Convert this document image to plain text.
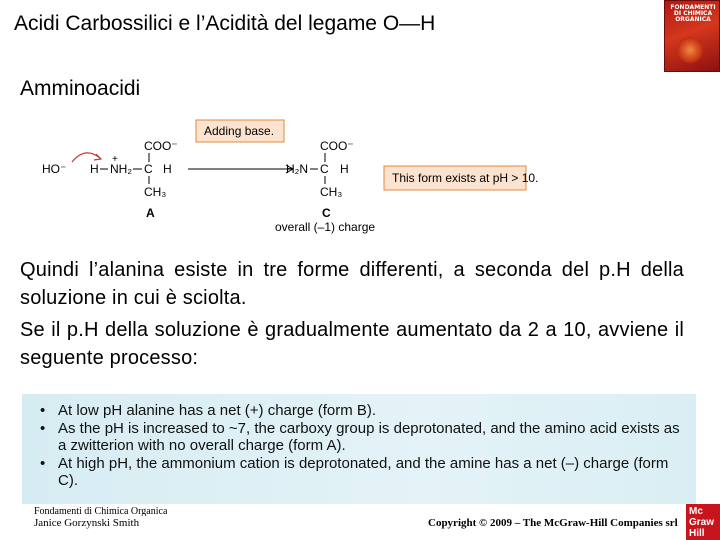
Acidi Carbossilici e l’Acidità del legame O—H
FONDAMENTI DI CHIMICA ORGANICA
Amminoacidi
HO⁻
COO⁻
+
H NH₂ C H
CH₃
A
Adding base.
COO⁻
H₂N C H
CH₃
C
overall (–1) charge
This form exists at pH > 10.
Quindi l’alanina esiste in tre forme differenti, a seconda del p.H della soluzione in cui è sciolta.
Se il p.H della soluzione è gradualmente aumentato da 2 a 10, avviene il seguente processo:
• At low pH alanine has a net (+) charge (form B).
• As the pH is increased to ~7, the carboxy group is deprotonated, and the amino acid exists as a zwitterion with no overall charge (form A).
• At high pH, the ammonium cation is deprotonated, and the amine has a net (–) charge (form C).
Fondamenti di Chimica Organica
Janice Gorzynski Smith	Copyright © 2009 – The McGraw-Hill Companies srl
Mc
Graw
Hill
